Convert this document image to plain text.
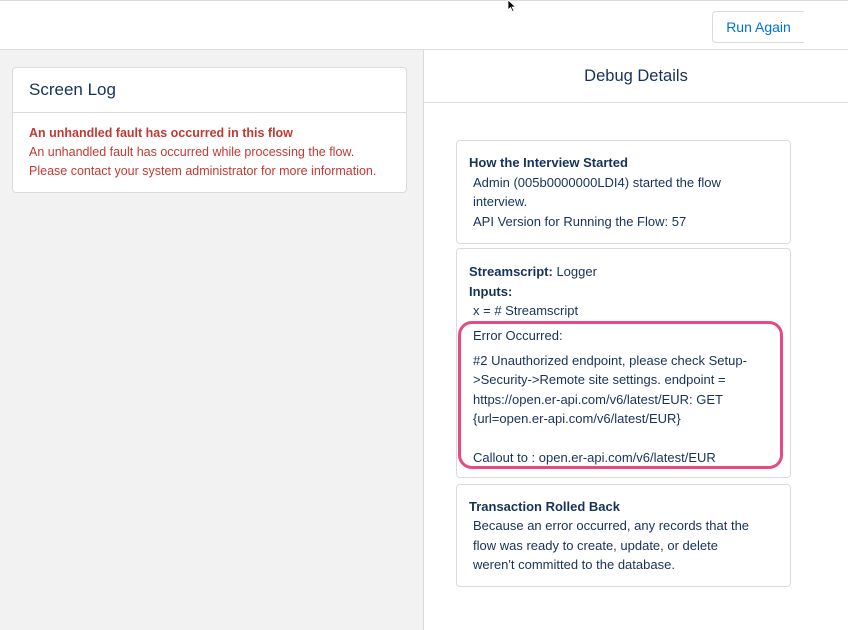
Run Again
Screen Log
An unhandled fault has occurred in this flow
An unhandled fault has occurred while processing the flow.
Please contact your system administrator for more information.
Debug Details
How the Interview Started
Admin (005b0000000LDI4) started the flow
interview.
API Version for Running the Flow: 57
Streamscript: Logger
Inputs:
x = # Streamscript
Error Occurred:
#2 Unauthorized endpoint, please check Setup-
>Security->Remote site settings. endpoint =
https://open.er-api.com/v6/latest/EUR: GET
{url=open.er-api.com/v6/latest/EUR}
Callout to : open.er-api.com/v6/latest/EUR
Transaction Rolled Back
Because an error occurred, any records that the
flow was ready to create, update, or delete
weren't committed to the database.
